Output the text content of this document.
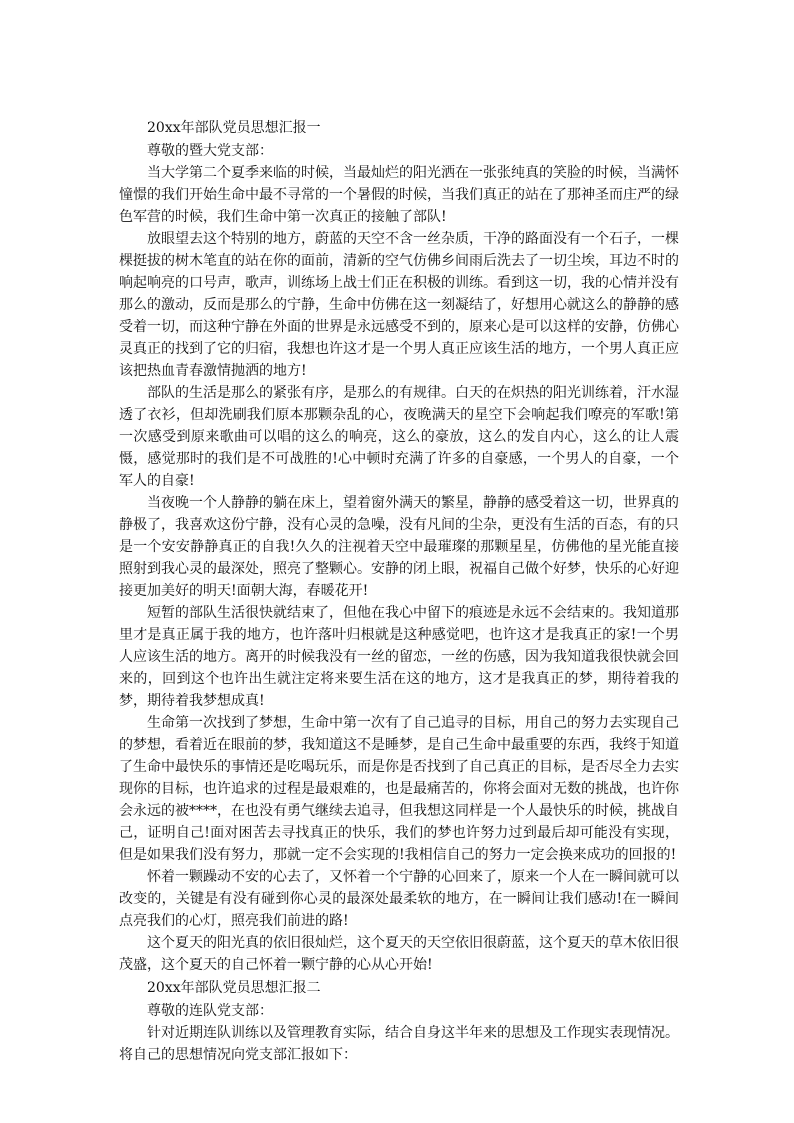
20xx年部队党员思想汇报一
尊敬的暨大党支部：

当大学第二个夏季来临的时候，当最灿烂的阳光洒在一张张纯真的笑脸的时候，当满怀憧憬的我们开始生命中最不寻常的一个暑假的时候，当我们真正的站在了那神圣而庄严的绿色军营的时候，我们生命中第一次真正的接触了部队!

放眼望去这个特别的地方，蔚蓝的天空不含一丝杂质，干净的路面没有一个石子，一棵棵挺拔的树木笔直的站在你的面前，清新的空气仿佛乡间雨后洗去了一切尘埃，耳边不时的响起响亮的口号声，歌声，训练场上战士们正在积极的训练。看到这一切，我的心情并没有那么的激动，反而是那么的宁静，生命中仿佛在这一刻凝结了，好想用心就这么的静静的感受着一切，而这种宁静在外面的世界是永远感受不到的，原来心是可以这样的安静，仿佛心灵真正的找到了它的归宿，我想也许这才是一个男人真正应该生活的地方，一个男人真正应该把热血青春激情抛洒的地方!

部队的生活是那么的紧张有序，是那么的有规律。白天的在炽热的阳光训练着，汗水湿透了衣衫，但却洗刷我们原本那颗杂乱的心，夜晚满天的星空下会响起我们嘹亮的军歌!第一次感受到原来歌曲可以唱的这么的响亮，这么的豪放，这么的发自内心，这么的让人震慑，感觉那时的我们是不可战胜的!心中顿时充满了许多的自豪感，一个男人的自豪，一个军人的自豪!

当夜晚一个人静静的躺在床上，望着窗外满天的繁星，静静的感受着这一切，世界真的静极了，我喜欢这份宁静，没有心灵的急噪，没有凡间的尘杂，更没有生活的百态，有的只是一个安安静静真正的自我!久久的注视着天空中最璀璨的那颗星星，仿佛他的星光能直接照射到我心灵的最深处，照亮了整颗心。安静的闭上眼，祝福自己做个好梦，快乐的心好迎接更加美好的明天!面朝大海，春暖花开!

短暂的部队生活很快就结束了，但他在我心中留下的痕迹是永远不会结束的。我知道那里才是真正属于我的地方，也许落叶归根就是这种感觉吧，也许这才是我真正的家!一个男人应该生活的地方。离开的时候我没有一丝的留恋，一丝的伤感，因为我知道我很快就会回来的，回到这个也许出生就注定将来要生活在这的地方，这才是我真正的梦，期待着我的梦，期待着我梦想成真!

生命第一次找到了梦想，生命中第一次有了自己追寻的目标，用自己的努力去实现自己的梦想，看着近在眼前的梦，我知道这不是睡梦，是自己生命中最重要的东西，我终于知道了生命中最快乐的事情还是吃喝玩乐，而是你是否找到了自己真正的目标，是否尽全力去实现你的目标，也许追求的过程是最艰难的，也是最痛苦的，你将会面对无数的挑战，也许你会永远的被****，在也没有勇气继续去追寻，但我想这同样是一个人最快乐的时候，挑战自己，证明自己!面对困苦去寻找真正的快乐，我们的梦也许努力过到最后却可能没有实现，但是如果我们没有努力，那就一定不会实现的!我相信自己的努力一定会换来成功的回报的!

怀着一颗躁动不安的心去了，又怀着一个宁静的心回来了，原来一个人在一瞬间就可以改变的，关键是有没有碰到你心灵的最深处最柔软的地方，在一瞬间让我们感动!在一瞬间点亮我们的心灯，照亮我们前进的路!

这个夏天的阳光真的依旧很灿烂，这个夏天的天空依旧很蔚蓝，这个夏天的草木依旧很茂盛，这个夏天的自己怀着一颗宁静的心从心开始!

20xx年部队党员思想汇报二
尊敬的连队党支部：

针对近期连队训练以及管理教育实际，结合自身这半年来的思想及工作现实表现情况。将自己的思想情况向党支部汇报如下：
